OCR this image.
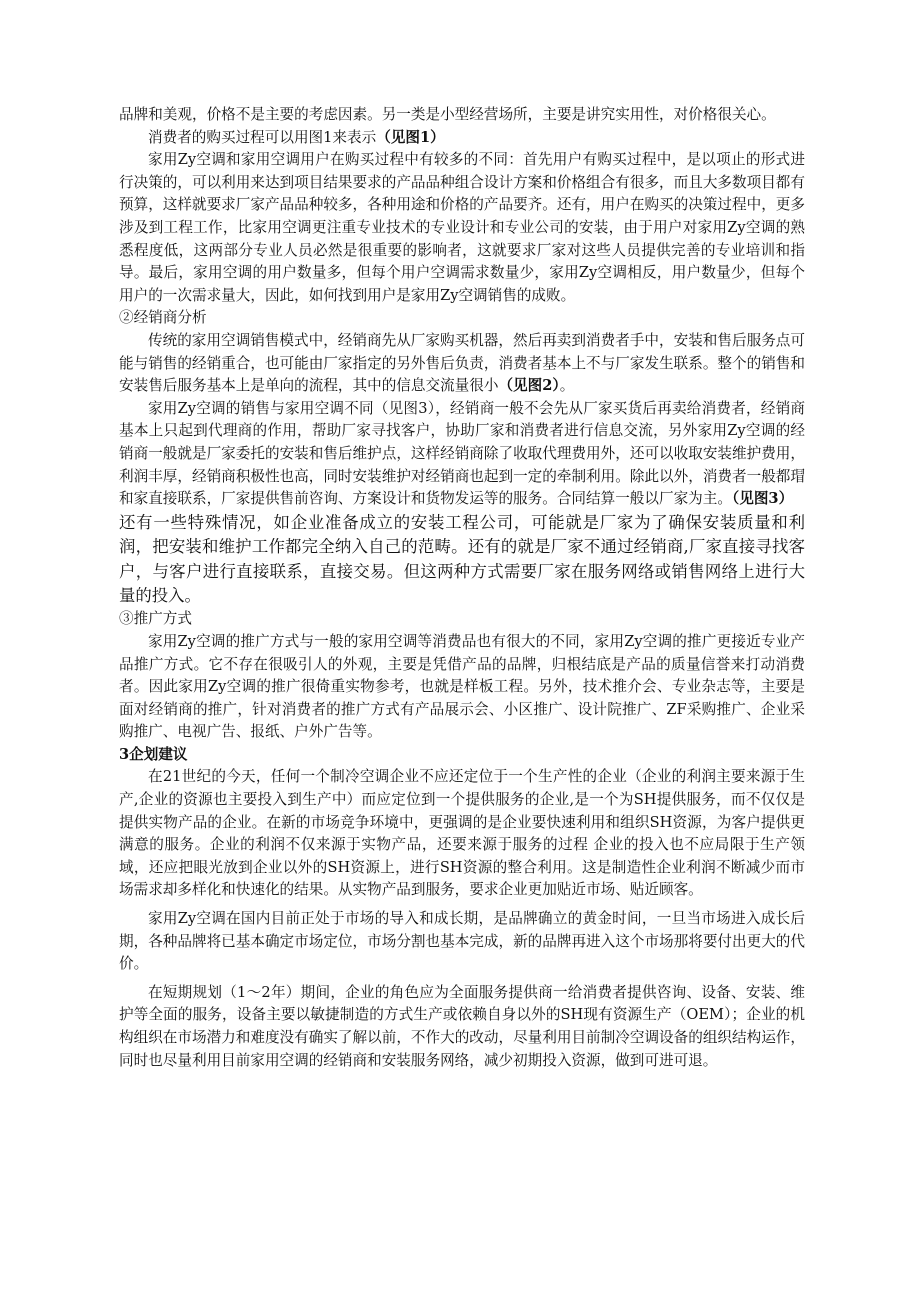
品牌和美观，价格不是主要的考虑因素。另一类是小型经营场所，主要是讲究实用性，对价格很关心。

消费者的购买过程可以用图1来表示（见图1）

家用Zy空调和家用空调用户在购买过程中有较多的不同：首先用户有购买过程中，是以项止的形式进行决策的，可以利用来达到项目结果要求的产品品种组合设计方案和价格组合有很多，而且大多数项目都有预算，这样就要求厂家产品品种较多，各种用途和价格的产品要齐。还有，用户在购买的决策过程中，更多涉及到工程工作，比家用空调更注重专业技术的专业设计和专业公司的安装，由于用户对家用Zy空调的熟悉程度低，这两部分专业人员必然是很重要的影响者，这就要求厂家对这些人员提供完善的专业培训和指导。最后，家用空调的用户数量多，但每个用户空调需求数量少，家用Zy空调相反，用户数量少，但每个用户的一次需求量大，因此，如何找到用户是家用Zy空调销售的成败。

②经销商分析

传统的家用空调销售模式中，经销商先从厂家购买机器，然后再卖到消费者手中，安装和售后服务点可能与销售的经销重合，也可能由厂家指定的另外售后负责，消费者基本上不与厂家发生联系。整个的销售和安装售后服务基本上是单向的流程，其中的信息交流量很小（见图2）。

家用Zy空调的销售与家用空调不同（见图3），经销商一般不会先从厂家买货后再卖给消费者，经销商基本上只起到代理商的作用，帮助厂家寻找客户，协助厂家和消费者进行信息交流，另外家用Zy空调的经销商一般就是厂家委托的安装和售后维护点，这样经销商除了收取代理费用外，还可以收取安装维护费用，利润丰厚，经销商积极性也高，同时安装维护对经销商也起到一定的牵制利用。除此以外，消费者一般都瑁和家直接联系，厂家提供售前咨询、方案设计和货物发运等的服务。合同结算一般以厂家为主。（见图3）

还有一些特殊情况，如企业准备成立的安装工程公司，可能就是厂家为了确保安装质量和利润，把安装和维护工作都完全纳入自己的范畴。还有的就是厂家不通过经销商,厂家直接寻找客户，与客户进行直接联系，直接交易。但这两种方式需要厂家在服务网络或销售网络上进行大量的投入。

③推广方式

家用Zy空调的推广方式与一般的家用空调等消费品也有很大的不同，家用Zy空调的推广更接近专业产品推广方式。它不存在很吸引人的外观，主要是凭借产品的品牌，归根结底是产品的质量信誉来打动消费者。因此家用Zy空调的推广很倚重实物参考，也就是样板工程。另外，技术推介会、专业杂志等，主要是面对经销商的推广，针对消费者的推广方式有产品展示会、小区推广、设计院推广、ZF采购推广、企业采购推广、电视广告、报纸、户外广告等。

3企划建议

在21世纪的今天，任何一个制冷空调企业不应还定位于一个生产性的企业（企业的利润主要来源于生产,企业的资源也主要投入到生产中）而应定位到一个提供服务的企业,是一个为SH提供服务，而不仅仅是提供实物产品的企业。在新的市场竞争环境中，更强调的是企业要快速利用和组织SH资源，为客户提供更满意的服务。企业的利润不仅来源于实物产品，还要来源于服务的过程 企业的投入也不应局限于生产领域，还应把眼光放到企业以外的SH资源上，进行SH资源的整合利用。这是制造性企业利润不断减少而市场需求却多样化和快速化的结果。从实物产品到服务，要求企业更加贴近市场、贴近顾客。

家用Zy空调在国内目前正处于市场的导入和成长期，是品牌确立的黄金时间，一旦当市场进入成长后期，各种品牌将已基本确定市场定位，市场分割也基本完成，新的品牌再进入这个市场那将要付出更大的代价。

在短期规划（1～2年）期间，企业的角色应为全面服务提供商一给消费者提供咨询、设备、安装、维护等全面的服务，设备主要以敏捷制造的方式生产或依赖自身以外的SH现有资源生产（OEM）；企业的机构组织在市场潜力和难度没有确实了解以前，不作大的改动，尽量利用目前制冷空调设备的组织结构运作，同时也尽量利用目前家用空调的经销商和安装服务网络，减少初期投入资源，做到可进可退。
